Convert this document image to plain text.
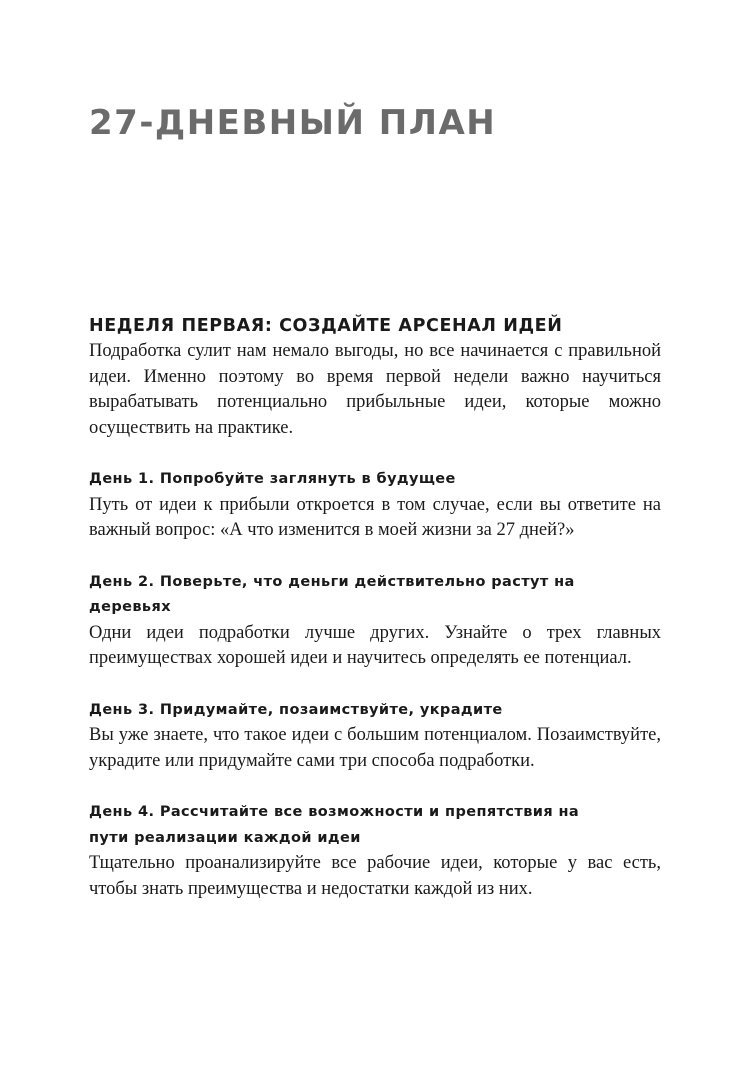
27-ДНЕВНЫЙ ПЛАН
НЕДЕЛЯ ПЕРВАЯ: СОЗДАЙТЕ АРСЕНАЛ ИДЕЙ

Подработка сулит нам немало выгоды, но все начинается с правильной идеи. Именно поэтому во время первой недели важно научиться вырабатывать потенциально прибыльные идеи, которые можно осуществить на практике.

День 1. Попробуйте заглянуть в будущее

Путь от идеи к прибыли откроется в том случае, если вы ответите на важный вопрос: «А что изменится в моей жизни за 27 дней?»

День 2. Поверьте, что деньги действительно растут на деревьях

Одни идеи подработки лучше других. Узнайте о трех главных преимуществах хорошей идеи и научитесь определять ее потенциал.

День 3. Придумайте, позаимствуйте, украдите

Вы уже знаете, что такое идеи с большим потенциалом. Позаимствуйте, украдите или придумайте сами три способа подработки.

День 4. Рассчитайте все возможности и препятствия на пути реализации каждой идеи

Тщательно проанализируйте все рабочие идеи, которые у вас есть, чтобы знать преимущества и недостатки каждой из них.
